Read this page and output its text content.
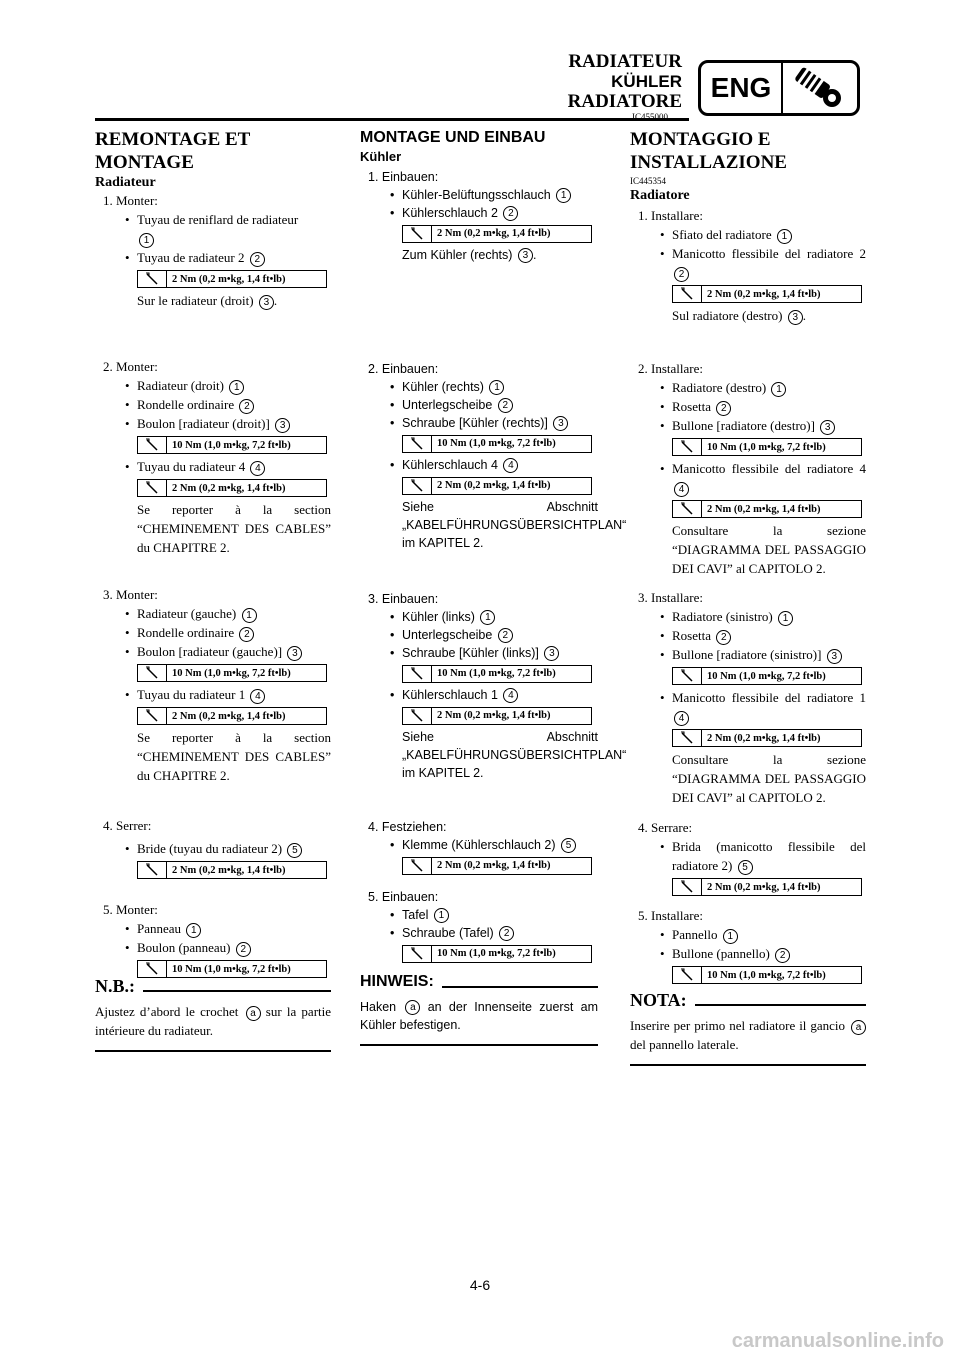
RADIATEUR
KÜHLER
RADIATORE	ENG
IC455000
REMONTAGE ET MONTAGE
Radiateur
1. Monter:
• Tuyau de reniflard de radiateur
1
• Tuyau de radiateur 2 2
2 Nm (0,2 m•kg, 1,4 ft•lb)
Sur le radiateur (droit) 3 .
2. Monter:
• Radiateur (droit) 1
• Rondelle ordinaire 2
• Boulon [radiateur (droit)] 3
10 Nm (1,0 m•kg, 7,2 ft•lb)
• Tuyau du radiateur 4 4
2 Nm (0,2 m•kg, 1,4 ft•lb)
Se reporter à la section “CHEMINEMENT DES CABLES” du CHAPITRE 2.
3. Monter:
• Radiateur (gauche) 1
• Rondelle ordinaire 2
• Boulon [radiateur (gauche)] 3
10 Nm (1,0 m•kg, 7,2 ft•lb)
• Tuyau du radiateur 1 4
2 Nm (0,2 m•kg, 1,4 ft•lb)
Se reporter à la section “CHEMINEMENT DES CABLES” du CHAPITRE 2.
4. Serrer:
• Bride (tuyau du radiateur 2) 5
2 Nm (0,2 m•kg, 1,4 ft•lb)
5. Monter:
• Panneau 1
• Boulon (panneau) 2
10 Nm (1,0 m•kg, 7,2 ft•lb)
N.B.:
Ajustez d’abord le crochet a sur la partie intérieure du radiateur.
MONTAGE UND EINBAU
Kühler
1. Einbauen:
• Kühler-Belüftungsschlauch 1
• Kühlerschlauch 2 2
2 Nm (0,2 m•kg, 1,4 ft•lb)
Zum Kühler (rechts) 3 .
2. Einbauen:
• Kühler (rechts) 1
• Unterlegscheibe 2
• Schraube [Kühler (rechts)] 3
10 Nm (1,0 m•kg, 7,2 ft•lb)
• Kühlerschlauch 4 4
2 Nm (0,2 m•kg, 1,4 ft•lb)
Siehe Abschnitt „KABELFÜHRUNGSÜBERSICHTPLAN“ im KAPITEL 2.
3. Einbauen:
• Kühler (links) 1
• Unterlegscheibe 2
• Schraube [Kühler (links)] 3
10 Nm (1,0 m•kg, 7,2 ft•lb)
• Kühlerschlauch 1 4
2 Nm (0,2 m•kg, 1,4 ft•lb)
Siehe Abschnitt „KABELFÜHRUNGSÜBERSICHTPLAN“ im KAPITEL 2.
4. Festziehen:
• Klemme (Kühlerschlauch 2) 5
2 Nm (0,2 m•kg, 1,4 ft•lb)
5. Einbauen:
• Tafel 1
• Schraube (Tafel) 2
10 Nm (1,0 m•kg, 7,2 ft•lb)
HINWEIS:
Haken a an der Innenseite zuerst am Kühler befestigen.
MONTAGGIO E INSTALLAZIONE
IC445354
Radiatore
1. Installare:
• Sfiato del radiatore 1
• Manicotto flessibile del radiatore 2 2
2 Nm (0,2 m•kg, 1,4 ft•lb)
Sul radiatore (destro) 3 .
2. Installare:
• Radiatore (destro) 1
• Rosetta 2
• Bullone [radiatore (destro)] 3
10 Nm (1,0 m•kg, 7,2 ft•lb)
• Manicotto flessibile del radiatore 4 4
2 Nm (0,2 m•kg, 1,4 ft•lb)
Consultare la sezione “DIAGRAMMA DEL PASSAGGIO DEI CAVI” al CAPITOLO 2.
3. Installare:
• Radiatore (sinistro) 1
• Rosetta 2
• Bullone [radiatore (sinistro)] 3
10 Nm (1,0 m•kg, 7,2 ft•lb)
• Manicotto flessibile del radiatore 1 4
2 Nm (0,2 m•kg, 1,4 ft•lb)
Consultare la sezione “DIAGRAMMA DEL PASSAGGIO DEI CAVI” al CAPITOLO 2.
4. Serrare:
• Brida (manicotto flessibile del radiatore 2) 5
2 Nm (0,2 m•kg, 1,4 ft•lb)
5. Installare:
• Pannello 1
• Bullone (pannello) 2
10 Nm (1,0 m•kg, 7,2 ft•lb)
NOTA:
Inserire per primo nel radiatore il gancio a del pannello laterale.
4-6
carmanualsonline.info
